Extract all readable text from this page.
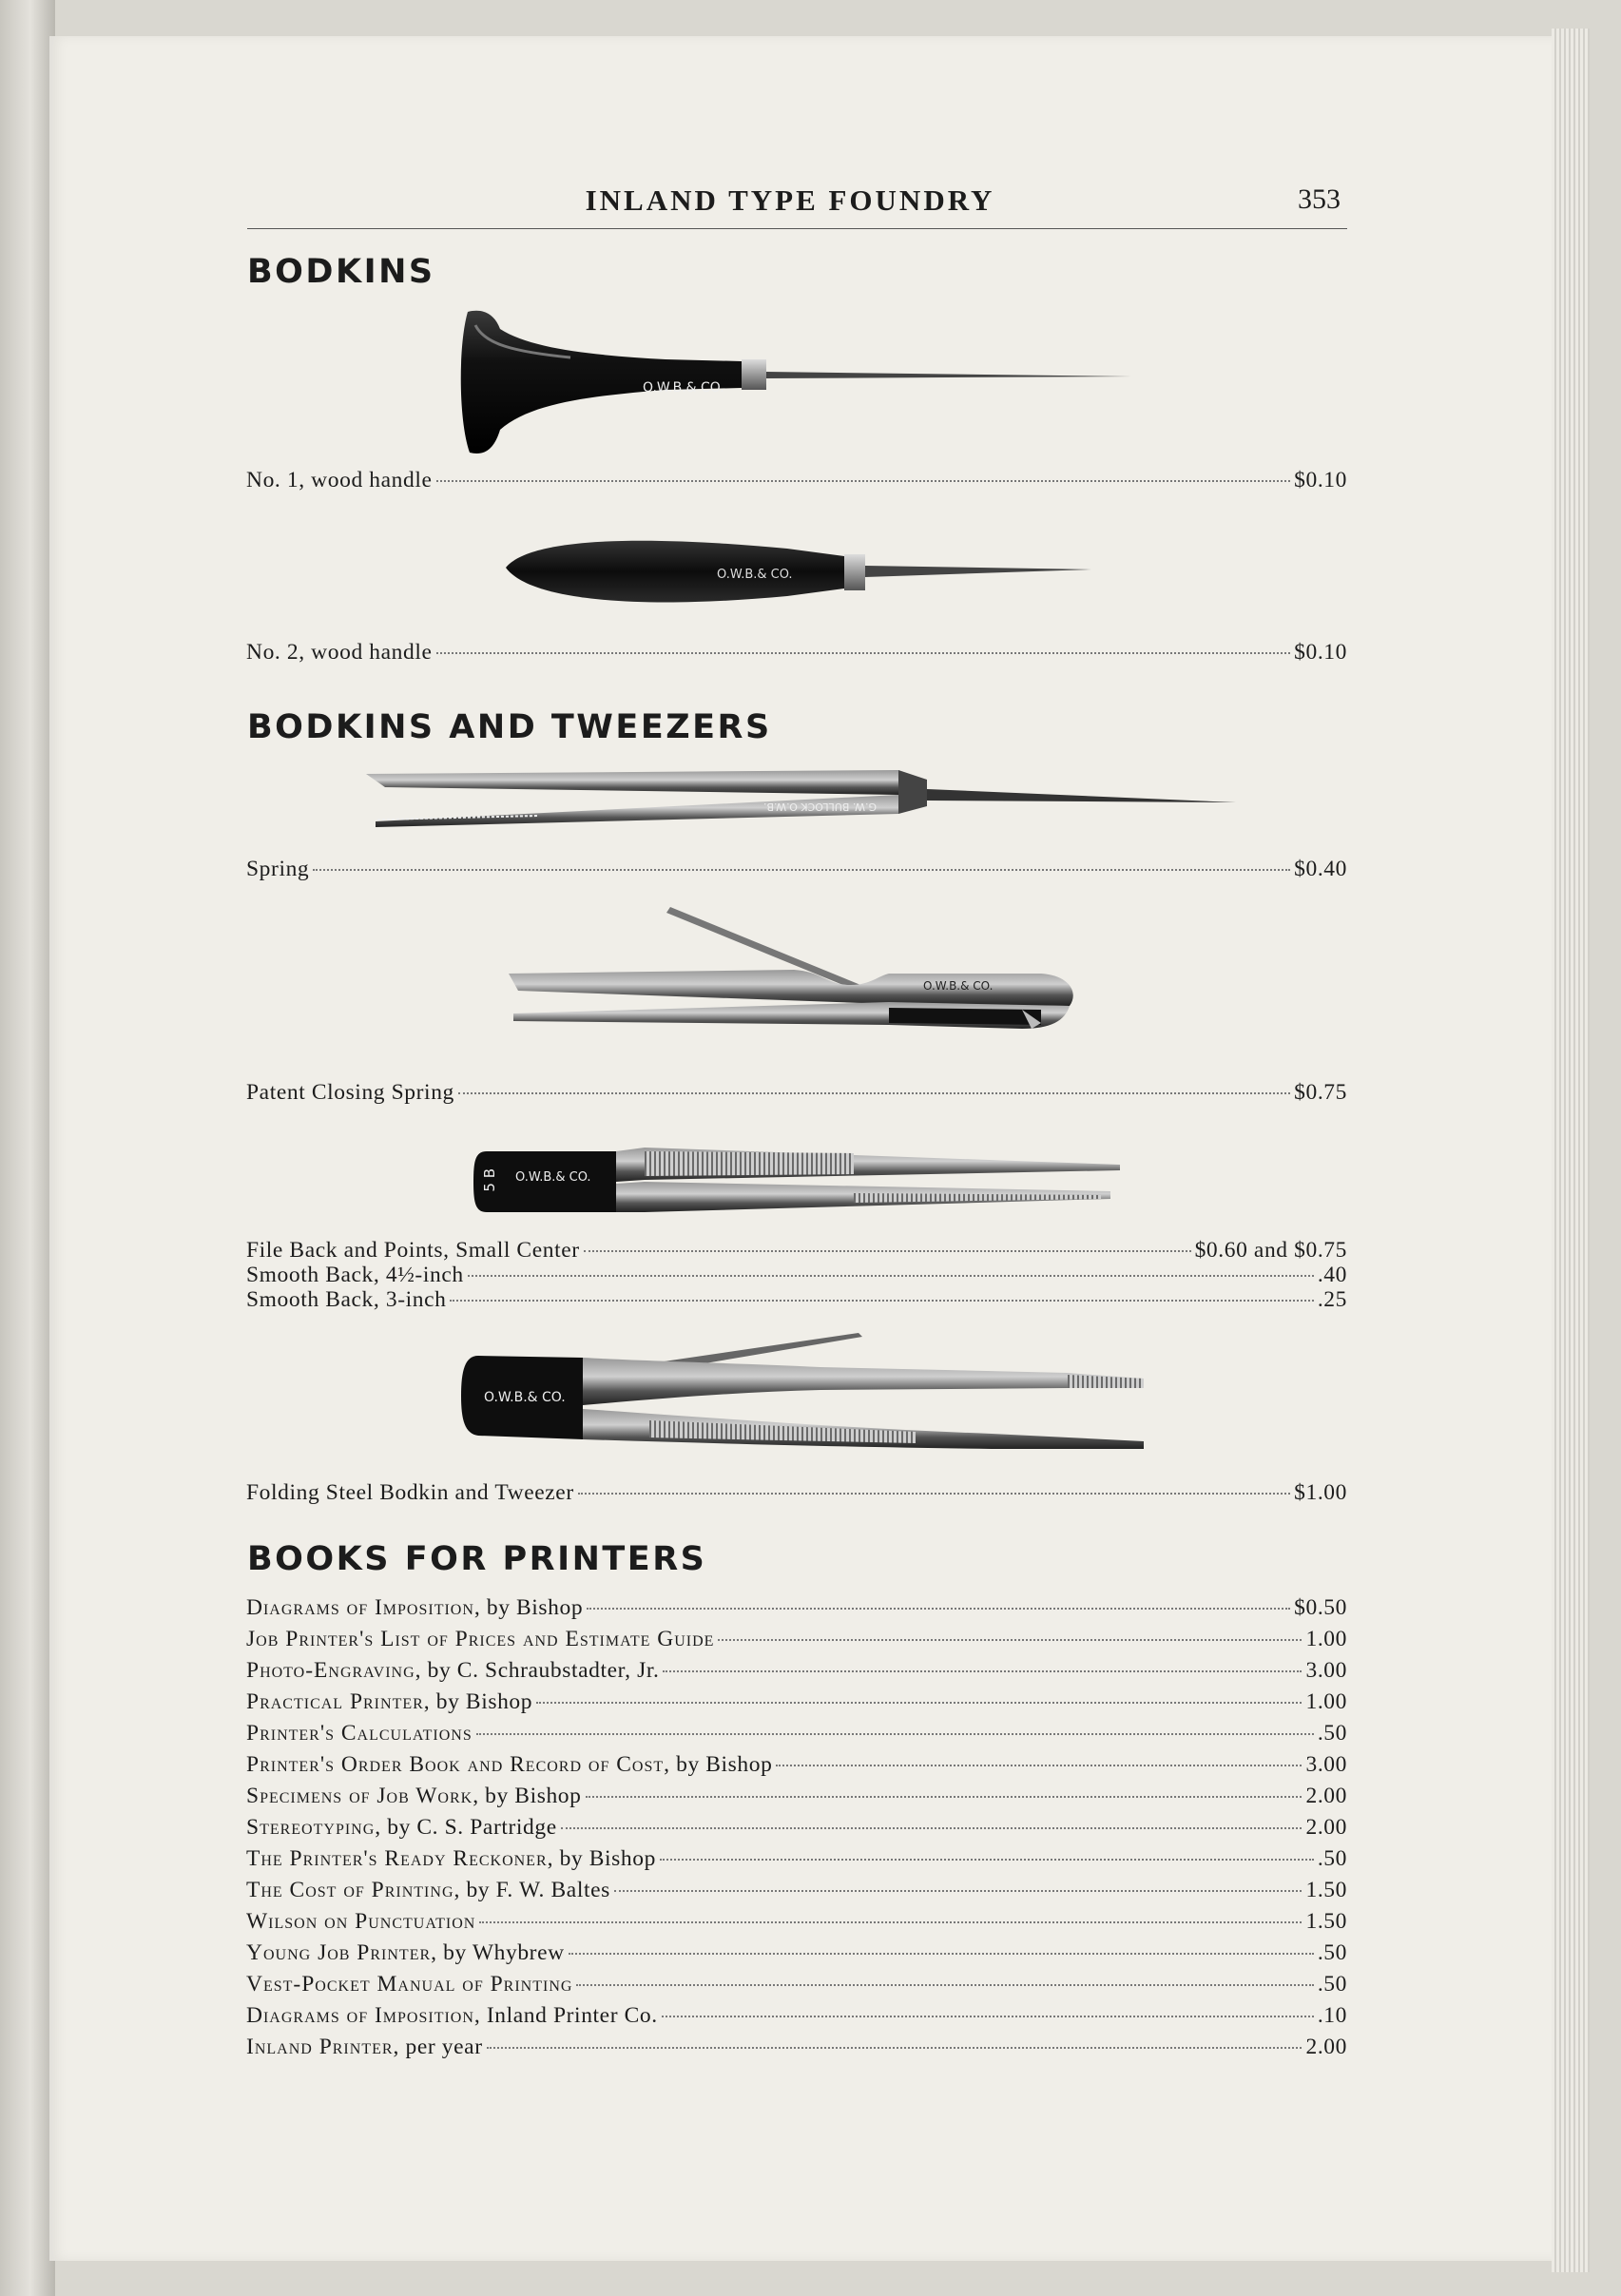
INLAND TYPE FOUNDRY	353
BODKINS
O.W.B.& CO.
No. 1, wood handle	$0.10
O.W.B.& CO.
No. 2, wood handle	$0.10
BODKINS AND TWEEZERS
G.W. BULLOCK O.W.B.
Spring	$0.40
O.W.B.& CO.
Patent Closing Spring	$0.75
5 B O.W.B.& CO.
File Back and Points, Small Center	$0.60 and $0.75
Smooth Back, 4½-inch	.40
Smooth Back, 3-inch	.25
O.W.B.& CO.
Folding Steel Bodkin and Tweezer	$1.00
BOOKS FOR PRINTERS
Diagrams of Imposition , by Bishop	$0.50
Job Printer's List of Prices and Estimate Guide	1.00
Photo-Engraving , by C. Schraubstadter, Jr.	3.00
Practical Printer , by Bishop	1.00
Printer's Calculations	.50
Printer's Order Book and Record of Cost , by Bishop	3.00
Specimens of Job Work , by Bishop	2.00
Stereotyping , by C. S. Partridge	2.00
The Printer's Ready Reckoner , by Bishop	.50
The Cost of Printing , by F. W. Baltes	1.50
Wilson on Punctuation	1.50
Young Job Printer , by Whybrew	.50
Vest-Pocket Manual of Printing	.50
Diagrams of Imposition , Inland Printer Co.	.10
Inland Printer , per year	2.00
